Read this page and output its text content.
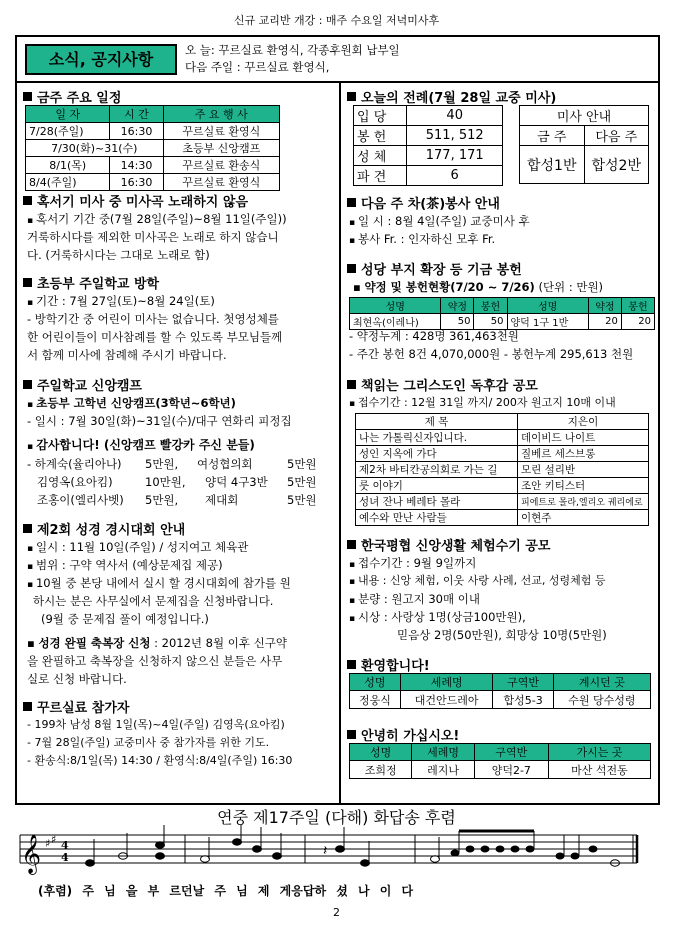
신규 교리반 개강 : 매주 수요일 저녁미사후
소식, 공지사항	오 늘: 꾸르실료 환영식, 각종후원회 납부일
다음 주일 : 꾸르실료 환영식,
금주 주요 일정
일 자	시 간	주 요 행 사
7/28(주일)	16:30	꾸르실료 환영식
7/30(화)~31(수)		초등부 신앙캠프
8/1(목)	14:30	꾸르실료 환송식
8/4(주일)	16:30	꾸르실료 환영식
혹서기 미사 중 미사곡 노래하지 않음
▪ 혹서기 기간 중(7월 28일(주일)~8월 11일(주일))
거룩하시다를 제외한 미사곡은 노래로 하지 않습니
다. (거룩하시다는 그대로 노래로 함)
초등부 주일학교 방학
▪ 기간 : 7월 27일(토)~8월 24일(토)
- 방학기간 중 어린이 미사는 없습니다. 첫영성체를
한 어린이들이 미사참례를 할 수 있도록 부모님들께
서 함께 미사에 참례해 주시기 바랍니다.
주일학교 신앙캠프
▪ 초등부 고학년 신앙캠프(3학년~6학년)
- 일시 : 7월 30일(화)~31일(수)/대구 연화리 피정집
▪ 감사합니다! (신앙캠프 빨강카 주신 분들)
- 하계숙(율리아나) 5만원, 여성협의회	5만원
김영옥(요아킴)	10만원, 양덕 4구3반 5만원
조홍이(엘리사벳) 5만원, 제대회	5만원
제2회 성경 경시대회 안내
▪ 일시 : 11월 10일(주일) / 성지여고 체육관
▪ 범위 : 구약 역사서 (예상문제집 제공)
▪ 10월 중 본당 내에서 실시 할 경시대회에 참가를 원
하시는 분은 사무실에서 문제집을 신청바랍니다.
(9월 중 문제집 풀이 예정입니다.)
▪ 성경 완필 축복장 신청 : 2012년 8월 이후 신구약
을 완필하고 축복장을 신청하지 않으신 분들은 사무
실로 신청 바랍니다.
꾸르실료 참가자
- 199차 남성 8월 1일(목)~4일(주일) 김영옥(요아킴)
- 7월 28일(주일) 교중미사 중 참가자를 위한 기도.
- 환송식:8/1일(목) 14:30 / 환영식:8/4일(주일) 16:30
오늘의 전례(7월 28일 교중 미사)
입 당	40
봉 헌	511, 512
성 체	177, 171
파 견	6
미사 안내	
금 주	다음 주
합성1반	합성2반
다음 주 차(茶)봉사 안내
▪ 일 시 : 8월 4일(주일) 교중미사 후
▪ 봉사 Fr. : 인자하신 모후 Fr.
성당 부지 확장 등 기금 봉헌
▪ 약정 및 봉헌현황(7/20 ~ 7/26) (단위 : 만원)
성명	약정	봉헌	성명	약정	봉헌
최현옥(이레나)	50	50	양덕 1구 1반	20	20
- 약정누계 : 428명 361,463천원
- 주간 봉헌 8건 4,070,000원 - 봉헌누계 295,613 천원
책읽는 그리스도인 독후감 공모
▪ 접수기간 : 12월 31일 까지/ 200자 원고지 10매 이내
제 목	지은이
나는 가톨릭신자입니다.	데이비드 나이트
성인 지옥에 가다	질베르 세스브롱
제2차 바티칸공의회로 가는 길	모린 설리반
룻 이야기	조안 키티스터
성녀 잔나 베레타 몰라	피에트로 몰라,엘리오 궤리에로
예수와 만난 사람들	이현주
한국평협 신앙생활 체험수기 공모
▪ 접수기간 : 9월 9일까지
▪ 내용 : 신앙 체험, 이웃 사랑 사례, 선교, 성령체험 등
▪ 분량 : 원고지 30매 이내
▪ 시상 : 사랑상 1명(상금100만원),
믿음상 2명(50만원), 희망상 10명(5만원)
환영합니다!
성명	세례명	구역반	계시던 곳
정웅식	대건안드레아	합성5-3	수원 당수성령
안녕히 가십시오!
성명	세례명	구역반	가시는 곳
조희정	레지나	양덕2-7	마산 석전동
연중 제17주일 (다해) 화답송 후렴
𝄞 ♯ ♯ 4
4	𝄽
(후렴) 주 님 을 부 르던날 주 님 제 게응답하 셨 나 이 다
2
